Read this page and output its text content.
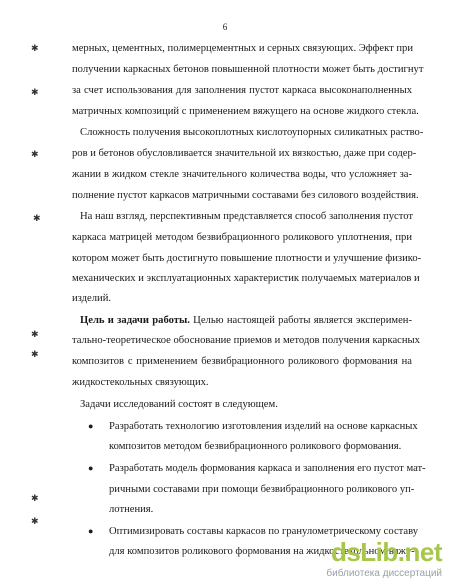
6
✱
✱
✱
✱
✱
✱
✱
✱
мерных, цементных, полимерцементных и серных связующих. Эффект при
получении каркасных бетонов повышенной плотности может быть достигнут
за счет использования для заполнения пустот каркаса высоконаполненных
матричных композиций с применением вяжущего на основе жидкого стекла.
Сложность получения высокоплотных кислотоупорных силикатных раство-
ров и бетонов обусловливается значительной их вязкостью, даже при содер-
жании в жидком стекле значительного количества воды, что усложняет за-
полнение пустот каркасов матричными составами без силового воздействия.
На наш взгляд, перспективным представляется способ заполнения пустот
каркаса матрицей методом безвибрационного роликового уплотнения, при
котором может быть достигнуто повышение плотности и улучшение физико-
механических и эксплуатационных характеристик получаемых материалов и
изделий.
Цель и задачи работы. Целью настоящей работы является эксперимен-
тально-теоретическое обоснование приемов и методов получения каркасных
композитов с применением безвибрационного роликового формования на
жидкостекольных связующих.
Задачи исследований состоят в следующем.
● Разработать технологию изготовления изделий на основе каркасных
композитов методом безвибрационного роликового формования.
● Разработать модель формования каркаса и заполнения его пустот мат-
ричными составами при помощи безвибрационного роликового уп-
лотнения.
● Оптимизировать составы каркасов по гранулометрическому составу
для композитов роликового формования на жидкостекольном вяжу-
dsLib.net
библиотека диссертаций
